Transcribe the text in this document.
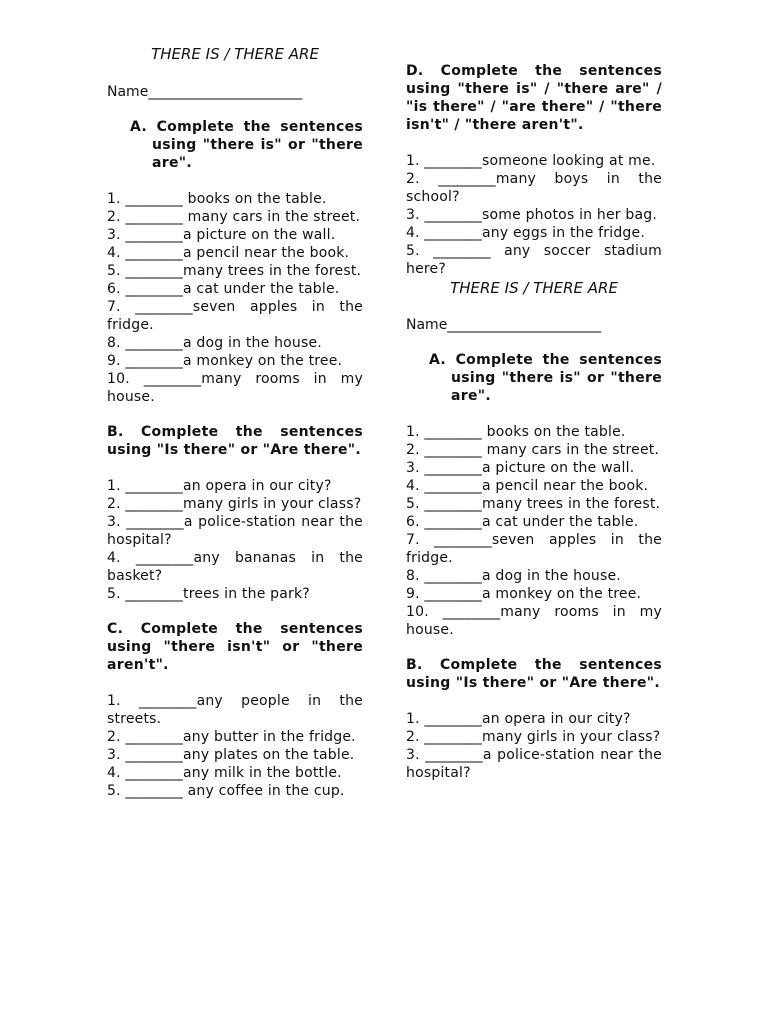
THERE IS / THERE ARE

Name______________________
A. Complete the sentences using "there is" or "there are".
1. ________ books on the table.
2. ________ many cars in the street.
3. ________a picture on the wall.
4. ________a pencil near the book.
5. ________many trees in the forest.
6. ________a cat under the table.
7. ________seven apples in the fridge.
8. ________a dog in the house.
9. ________a monkey on the tree.
10. ________many rooms in my house.
B. Complete the sentences using "Is there" or "Are there".
1. ________an opera in our city?
2. ________many girls in your class?
3. ________a police-station near the hospital?
4. ________any bananas in the basket?
5. ________trees in the park?
C. Complete the sentences using "there isn't" or "there aren't".
1. ________any people in the streets.
2. ________any butter in the fridge.
3. ________any plates on the table.
4. ________any milk in the bottle.
5. ________ any coffee in the cup.
D. Complete the sentences using "there is" / "there are" / "is there" / "are there" / "there isn't" / "there aren't".
1. ________someone looking at me.
2. ________many boys in the school?
3. ________some photos in her bag.
4. ________any eggs in the fridge.
5. ________ any soccer stadium here?

THERE IS / THERE ARE

Name______________________
A. Complete the sentences using "there is" or "there are".
1. ________ books on the table.
2. ________ many cars in the street.
3. ________a picture on the wall.
4. ________a pencil near the book.
5. ________many trees in the forest.
6. ________a cat under the table.
7. ________seven apples in the fridge.
8. ________a dog in the house.
9. ________a monkey on the tree.
10. ________many rooms in my house.
B. Complete the sentences using "Is there" or "Are there".
1. ________an opera in our city?
2. ________many girls in your class?
3. ________a police-station near the hospital?
